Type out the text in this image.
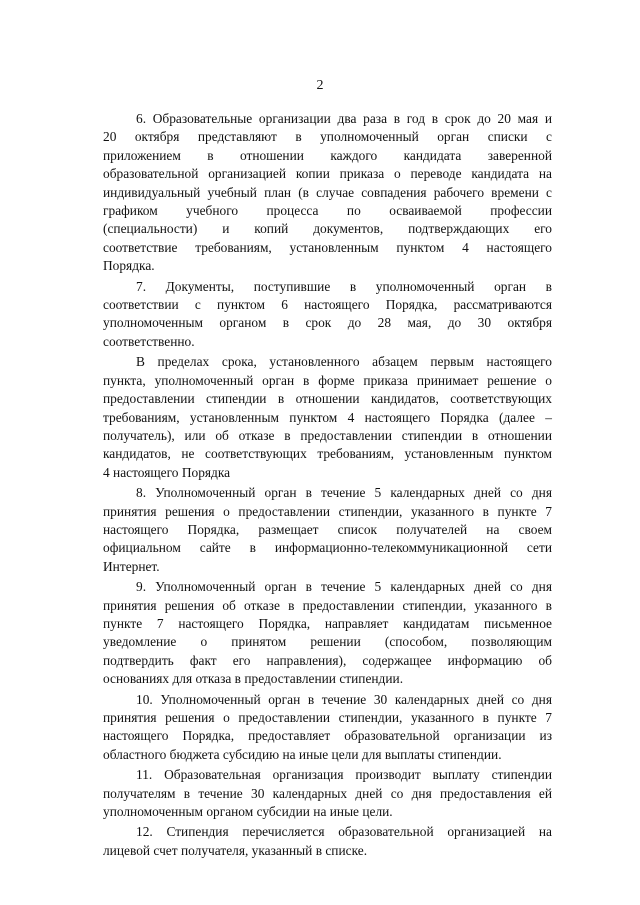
2
6. Образовательные организации два раза в год в срок до 20 мая и
20 октября представляют в уполномоченный орган списки с
приложением в отношении каждого кандидата заверенной
образовательной организацией копии приказа о переводе кандидата на
индивидуальный учебный план (в случае совпадения рабочего времени с
графиком учебного процесса по осваиваемой профессии
(специальности) и копий документов, подтверждающих его
соответствие требованиям, установленным пунктом 4 настоящего
Порядка.
7. Документы, поступившие в уполномоченный орган в
соответствии с пунктом 6 настоящего Порядка, рассматриваются
уполномоченным органом в срок до 28 мая, до 30 октября
соответственно.
В пределах срока, установленного абзацем первым настоящего
пункта, уполномоченный орган в форме приказа принимает решение о
предоставлении стипендии в отношении кандидатов, соответствующих
требованиям, установленным пунктом 4 настоящего Порядка (далее –
получатель), или об отказе в предоставлении стипендии в отношении
кандидатов, не соответствующих требованиям, установленным пунктом
4 настоящего Порядка
8. Уполномоченный орган в течение 5 календарных дней со дня
принятия решения о предоставлении стипендии, указанного в пункте 7
настоящего Порядка, размещает список получателей на своем
официальном сайте в информационно-телекоммуникационной сети
Интернет.
9. Уполномоченный орган в течение 5 календарных дней со дня
принятия решения об отказе в предоставлении стипендии, указанного в
пункте 7 настоящего Порядка, направляет кандидатам письменное
уведомление о принятом решении (способом, позволяющим
подтвердить факт его направления), содержащее информацию об
основаниях для отказа в предоставлении стипендии.
10. Уполномоченный орган в течение 30 календарных дней со дня
принятия решения о предоставлении стипендии, указанного в пункте 7
настоящего Порядка, предоставляет образовательной организации из
областного бюджета субсидию на иные цели для выплаты стипендии.
11. Образовательная организация производит выплату стипендии
получателям в течение 30 календарных дней со дня предоставления ей
уполномоченным органом субсидии на иные цели.
12. Стипендия перечисляется образовательной организацией на
лицевой счет получателя, указанный в списке.
